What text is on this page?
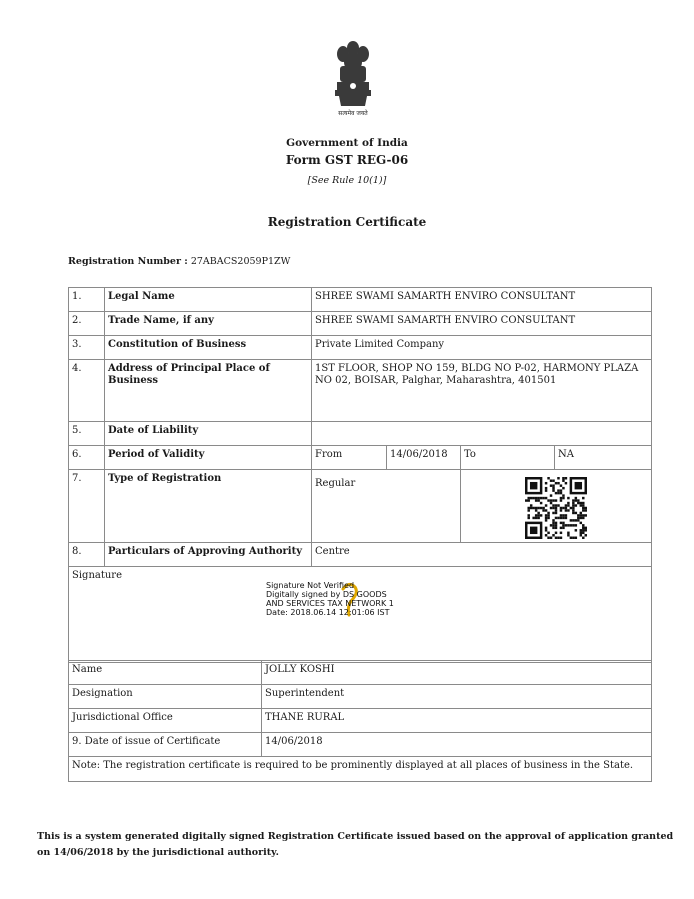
सत्यमेव जयते
Government of India
Form GST REG-06
[See Rule 10(1)]
Registration Certificate
Registration Number : 27ABACS2059P1ZW
1.	Legal Name	SHREE SWAMI SAMARTH ENVIRO CONSULTANT			
2.	Trade Name, if any	SHREE SWAMI SAMARTH ENVIRO CONSULTANT			
3.	Constitution of Business	Private Limited Company			
4.	Address of Principal Place of Business	1ST FLOOR, SHOP NO 159, BLDG NO P-02, HARMONY PLAZA NO 02, BOISAR, Palghar, Maharashtra, 401501			
5.	Date of Liability				
6.	Period of Validity	From	14/06/2018	To	NA
7.	Type of Registration	Regular	

8.	Particulars of Approving Authority	Centre			
Signature
Signature Not Verified
Digitally signed by DS GOODS
AND SERVICES TAX NETWORK 1
Date: 2018.06.14 12:01:06 IST					
Name	JOLLY KOSHI
Designation	Superintendent
Jurisdictional Office	THANE RURAL
9. Date of issue of Certificate	14/06/2018
Note: The registration certificate is required to be prominently displayed at all places of business in the State.	
This is a system generated digitally signed Registration Certificate issued based on the approval of application granted on 14/06/2018 by the jurisdictional authority.
